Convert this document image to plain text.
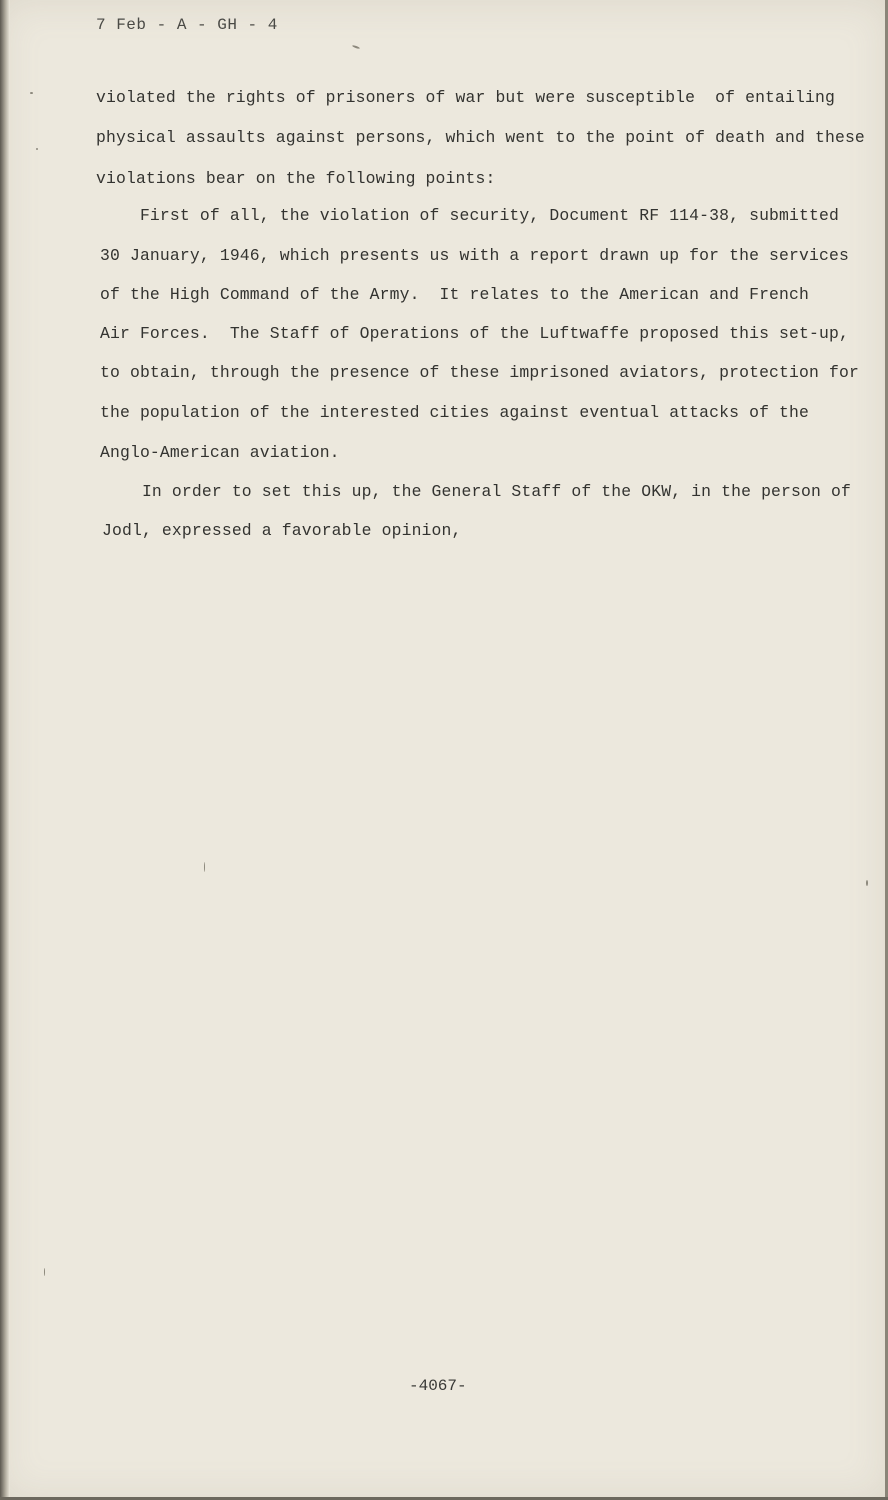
7 Feb - A - GH - 4
violated the rights of prisoners of war but were susceptible  of entailing
physical assaults against persons, which went to the point of death and these
violations bear on the following points:
First of all, the violation of security, Document RF 114-38, submitted
30 January, 1946, which presents us with a report drawn up for the services
of the High Command of the Army.  It relates to the American and French
Air Forces.  The Staff of Operations of the Luftwaffe proposed this set-up,
to obtain, through the presence of these imprisoned aviators, protection for
the population of the interested cities against eventual attacks of the
Anglo-American aviation.
In order to set this up, the General Staff of the OKW, in the person of
Jodl, expressed a favorable opinion,
-4067-
